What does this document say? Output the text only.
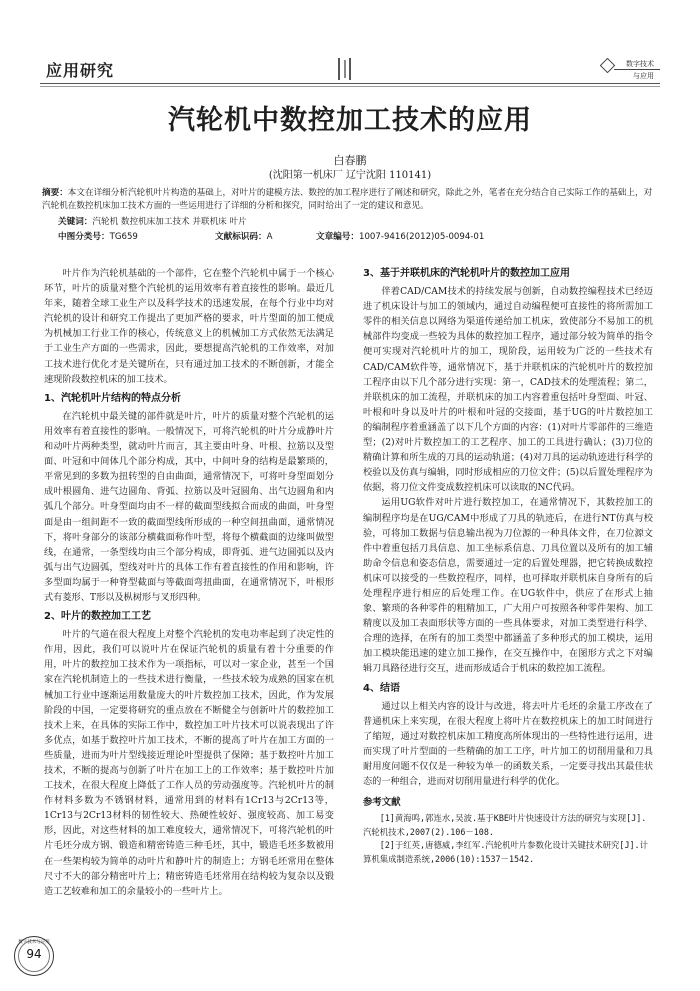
应用研究	数字技术
与应用
汽轮机中数控加工技术的应用
白春鹏
(沈阳第一机床厂 辽宁沈阳 110141)
摘要：本文在详细分析汽轮机叶片构造的基础上，对叶片的建模方法、数控的加工程序进行了阐述和研究，除此之外，笔者在充分结合自己实际工作的基础上，对汽轮机在数控机床加工技术方面的一些运用进行了详细的分析和探究，同时给出了一定的建议和意见。
关键词：汽轮机 数控机床加工技术 并联机床 叶片
中图分类号：TG659	文献标识码：A	文章编号：1007-9416(2012)05-0094-01

叶片作为汽轮机基础的一个部件，它在整个汽轮机中属于一个核心环节，叶片的质量对整个汽轮机的运用效率有着直接性的影响。最近几年来，随着全球工业生产以及科学技术的迅速发展，在每个行业中均对汽轮机的设计和研究工作提出了更加严格的要求，叶片型面的加工便成为机械加工行业工作的核心，传统意义上的机械加工方式依然无法满足于工业生产方面的一些需求，因此，要想提高汽轮机的工作效率，对加工技术进行优化才是关键所在，只有通过加工技术的不断创新，才能全速现阶段数控机床的加工技术。

1、汽轮机叶片结构的特点分析

在汽轮机中最关键的部件就是叶片，叶片的质量对整个汽轮机的运用效率有着直接性的影响。一般情况下，可将汽轮机的叶片分成静叶片和动叶片两种类型，就动叶片而言，其主要由叶身、叶根、拉筋以及型面、叶冠和中间体几个部分构成，其中，中间叶身的结构是最繁琐的，平常见到的多数为扭转型的自由曲面，通常情况下，可将叶身型面划分成叶根圆角、进气边圆角、背弧、拉筋以及叶冠圆角、出气边圆角和内弧几个部分。叶身型面均由不一样的截面型线拟合而成的曲面，叶身型面是由一组间距不一致的截面型线所形成的一种空间扭曲面，通常情况下，将叶身部分的该部分横截面称作叶型，将每个横截面的边缘叫做型线，在通常，一条型线均由三个部分构成，即背弧、进气边圆弧以及内弧与出气边圆弧，型线对叶片的具体工作有着直接性的作用和影响，许多型面均属于一种脊型截面与等截面弯扭曲面，在通常情况下，叶根形式有菱形、T形以及枞树形与叉形四种。

2、叶片的数控加工工艺

叶片的气道在很大程度上对整个汽轮机的发电功率起到了决定性的作用，因此，我们可以说叶片在保证汽轮机的质量有着十分重要的作用，叶片的数控加工技术作为一项指标，可以对一家企业，甚至一个国家在汽轮机制造上的一些技术进行衡量，一些技术较为成熟的国家在机械加工行业中逐渐运用数量庞大的叶片数控加工技术，因此，作为发展阶段的中国，一定要将研究的重点放在不断健全与创新叶片的数控加工技术上来，在具体的实际工作中，数控加工叶片技术可以说表现出了许多优点，如基于数控叶片加工技术，不断的提高了叶片在加工方面的一些质量，进而为叶片型线接近理论叶型提供了保障；基于数控叶片加工技术，不断的提高与创新了叶片在加工上的工作效率；基于数控叶片加工技术，在很大程度上降低了工作人员的劳动强度等。汽轮机叶片的制作材料多数为不锈钢材料，通常用到的材料有1Cr13与2Cr13等，1Cr13与2Cr13材料的韧性较大、热硬性较好、强度较高、加工易变形，因此，对这些材料的加工难度较大，通常情况下，可将汽轮机的叶片毛坯分成方钢、锻造和精密铸造三种毛坯，其中，锻造毛坯多数被用在一些架构较为简单的动叶片和静叶片的制造上；方钢毛坯常用在整体尺寸不大的部分精密叶片上；精密铸造毛坯常用在结构较为复杂以及锻造工艺较难和加工的余量较小的一些叶片上。

3、基于并联机床的汽轮机叶片的数控加工应用

伴着CAD/CAM技术的持续发展与创新，自动数控编程技术已经迈进了机床设计与加工的领域内，通过自动编程便可直接性的将所需加工零件的相关信息以网络为渠道传递给加工机床，致使部分不易加工的机械部件均变成一些较为具体的数控加工程序，通过部分较为简单的指令便可实现对汽轮机叶片的加工，现阶段，运用较为广泛的一些技术有CAD/CAM软件等，通常情况下，基于并联机床的汽轮机叶片的数控加工程序由以下几个部分进行实现：第一，CAD技术的处理流程；第二，并联机床的加工流程，并联机床的加工内容着重包括叶身型面、叶冠、叶根和叶身以及叶片的叶根和叶冠的交接面，基于UG的叶片数控加工的编制程序着重涵盖了以下几个方面的内容：(1)对叶片零部件的三维造型；(2)对叶片数控加工的工艺程序、加工的工具进行确认；(3)刀位的精确计算和所生成的刀具的运动轨道；(4)对刀具的运动轨迹进行科学的校验以及仿真与编辑，同时形成相应的刀位文件；(5)以后置处理程序为依据，将刀位文件变成数控机床可以读取的NC代码。

运用UG软件对叶片进行数控加工，在通常情况下，其数控加工的编制程序均是在UG/CAM中形成了刀具的轨迹后，在进行NT仿真与校验，可将加工数据与信息输出视为刀位源的一种具体文件，在刀位源文件中着重包括刀具信息、加工坐标系信息、刀具位置以及所有的加工辅助命令信息和姿态信息，需要通过一定的后置处理器，把它转换成数控机床可以接受的一些数控程序，同样，也可择取并联机床自身所有的后处理程序进行相应的后处理工作。在UG软件中，供应了在形式上抽象、繁琐的各种零件的粗精加工，广大用户可按照各种零件架构、加工精度以及加工表面形状等方面的一些具体要求，对加工类型进行科学、合理的选择，在所有的加工类型中都涵盖了多种形式的加工模块，运用加工模块能迅速的建立加工操作，在交互操作中，在图形方式之下对编辑刀具路径进行交互，进而形成适合于机床的数控加工流程。

4、结语

通过以上相关内容的设计与改进，将去叶片毛坯的余量工序改在了普通机床上来实现，在很大程度上将叶片在数控机床上的加工时间进行了缩短，通过对数控机床加工精度高所体现出的一些特性进行运用，进而实现了叶片型面的一些精确的加工工序，叶片加工的切削用量和刀具耐用度问题不仅仅是一种较为单一的函数关系，一定要寻找出其最佳状态的一种组合，进而对切削用量进行科学的优化。

参考文献

[1]黄海鸣,郭连水,吴波.基于KBE叶片快速设计方法的研究与实现[J].汽轮机技术,2007(2).106－108.

[2]于红英,唐德威,李红军.汽轮机叶片参数化设计关键技术研究[J].计算机集成制造系统,2006(10):1537－1542.

数字技术与应用
94
